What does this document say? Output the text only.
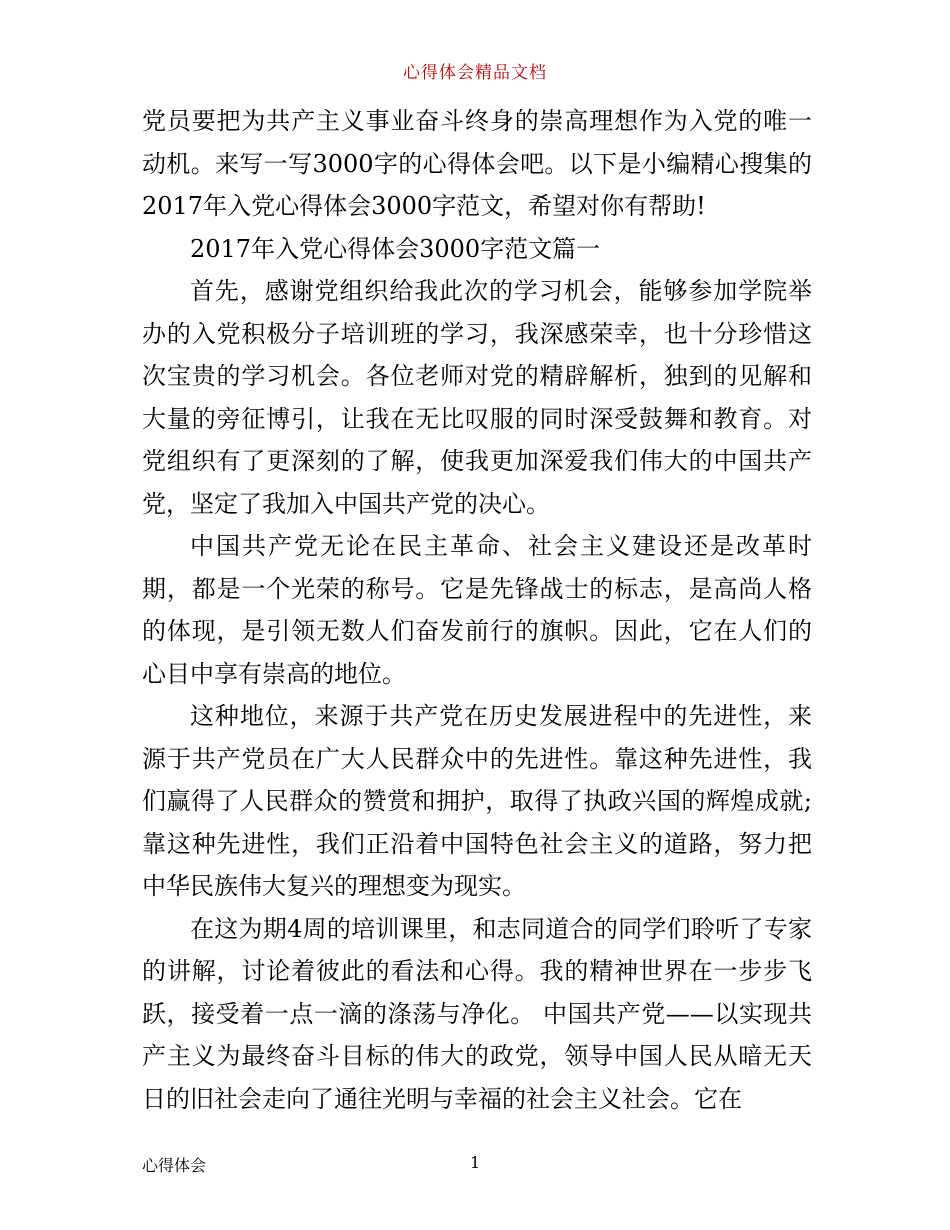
心得体会精品文档

党员要把为共产主义事业奋斗终身的崇高理想作为入党的唯一动机。来写一写3000字的心得体会吧。以下是小编精心搜集的2017年入党心得体会3000字范文，希望对你有帮助!

2017年入党心得体会3000字范文篇一

首先，感谢党组织给我此次的学习机会，能够参加学院举办的入党积极分子培训班的学习，我深感荣幸，也十分珍惜这次宝贵的学习机会。各位老师对党的精辟解析，独到的见解和大量的旁征博引，让我在无比叹服的同时深受鼓舞和教育。对党组织有了更深刻的了解，使我更加深爱我们伟大的中国共产党，坚定了我加入中国共产党的决心。

中国共产党无论在民主革命、社会主义建设还是改革时期，都是一个光荣的称号。它是先锋战士的标志，是高尚人格的体现，是引领无数人们奋发前行的旗帜。因此，它在人们的心目中享有崇高的地位。

这种地位，来源于共产党在历史发展进程中的先进性，来源于共产党员在广大人民群众中的先进性。靠这种先进性，我们赢得了人民群众的赞赏和拥护，取得了执政兴国的辉煌成就;靠这种先进性，我们正沿着中国特色社会主义的道路，努力把中华民族伟大复兴的理想变为现实。

在这为期4周的培训课里，和志同道合的同学们聆听了专家的讲解，讨论着彼此的看法和心得。我的精神世界在一步步飞跃，接受着一点一滴的涤荡与净化。 中国共产党——以实现共产主义为最终奋斗目标的伟大的政党，领导中国人民从暗无天日的旧社会走向了通往光明与幸福的社会主义社会。它在

心得体会	1
